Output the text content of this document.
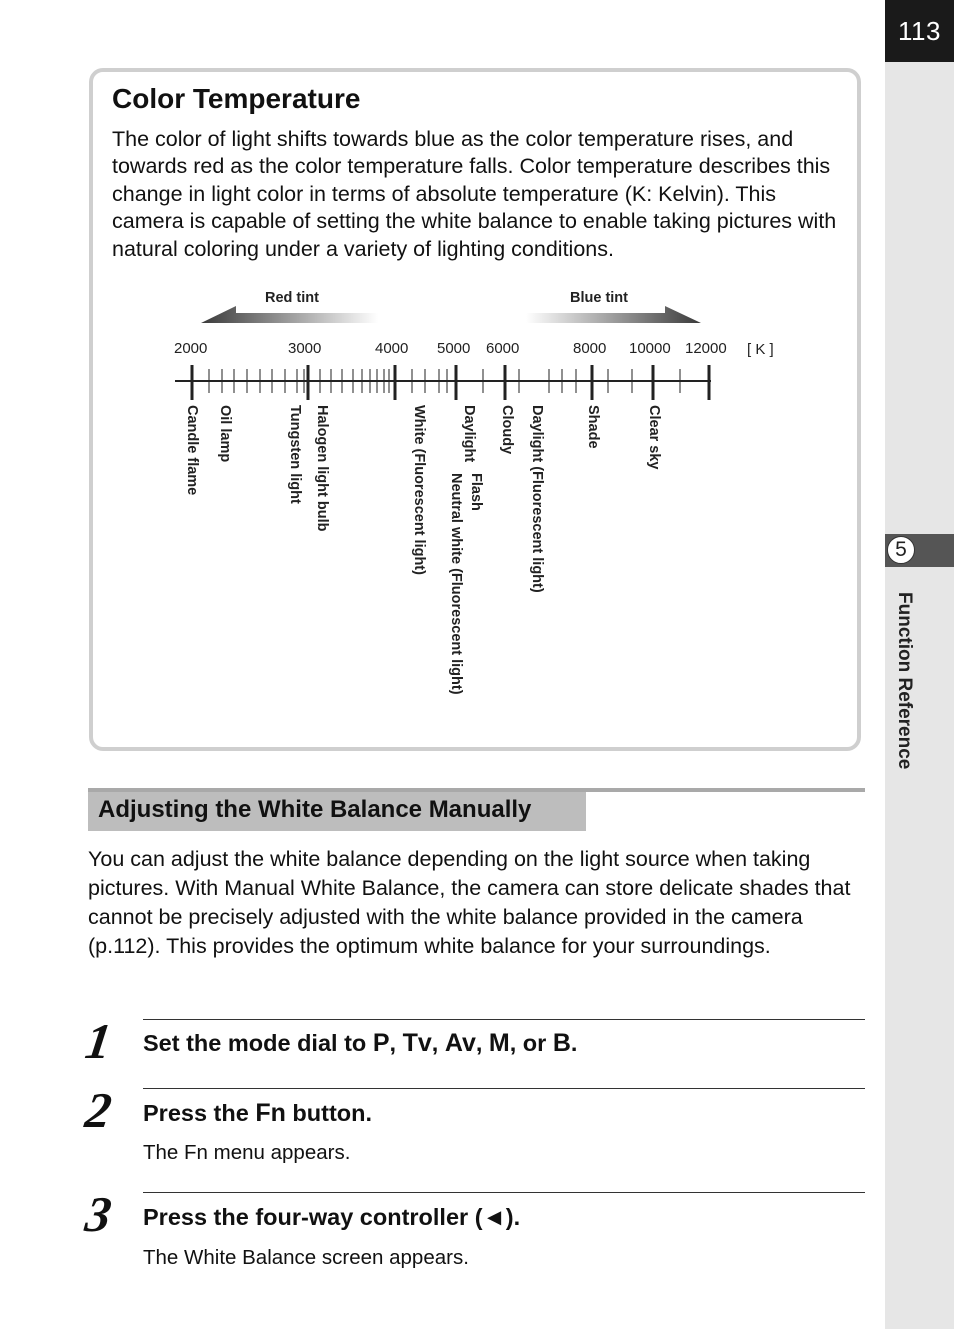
113
5
Function Reference
Color Temperature
The color of light shifts towards blue as the color temperature rises, and towards red as the color temperature falls. Color temperature describes this change in light color in terms of absolute temperature (K: Kelvin). This camera is capable of setting the white balance to enable taking pictures with natural coloring under a variety of lighting conditions.
Red tint	Blue tint
2000	3000	4000 5000 6000	8000 10000 12000 [ K ]
Candle flame Oil lamp	Tungsten light Halogen light bulb	White (Fluorescent light) Daylight
Flash
Neutral white (Fluorescent light)
Cloudy Daylight (Fluorescent light)	Shade	Clear sky
Adjusting the White Balance Manually
You can adjust the white balance depending on the light source when taking pictures. With Manual White Balance, the camera can store delicate shades that cannot be precisely adjusted with the white balance provided in the camera (p.112). This provides the optimum white balance for your surroundings.
1 Set the mode dial to P, Tv, Av, M, or B.
2 Press the Fn button.
The Fn menu appears.
3 Press the four-way controller (◄).
The White Balance screen appears.
